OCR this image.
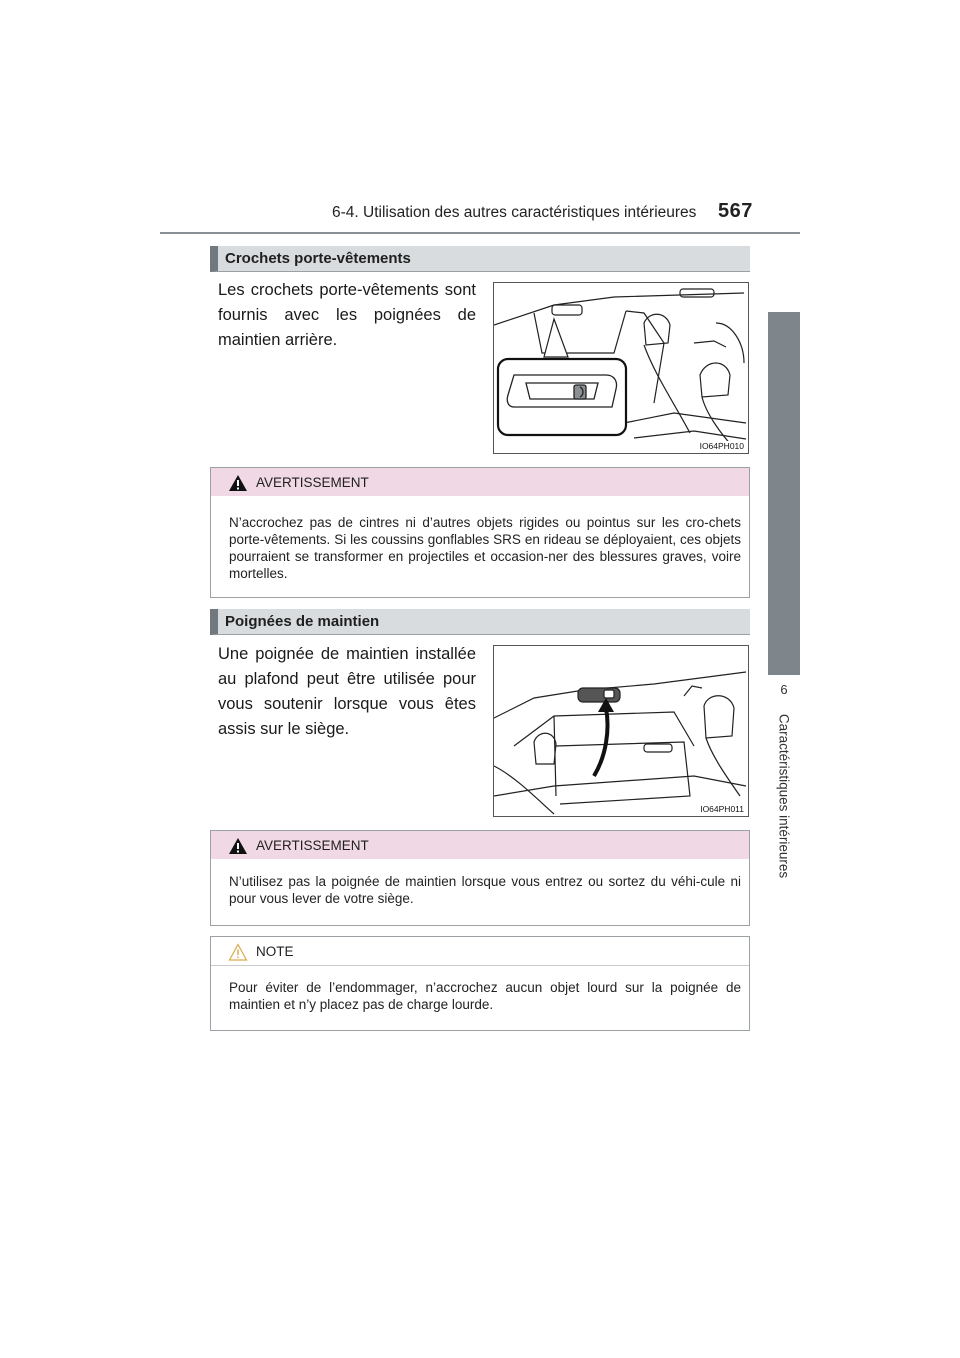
6-4. Utilisation des autres caractéristiques intérieures 567
6
Caractéristiques intérieures
Crochets porte-vêtements
Les crochets porte-vêtements sont fournis avec les poignées de maintien arrière.
IO64PH010
AVERTISSEMENT
N’accrochez pas de cintres ni d’autres objets rigides ou pointus sur les cro-chets porte-vêtements. Si les coussins gonflables SRS en rideau se déployaient, ces objets pourraient se transformer en projectiles et occasion-ner des blessures graves, voire mortelles.
Poignées de maintien
Une poignée de maintien installée au plafond peut être utilisée pour vous soutenir lorsque vous êtes assis sur le siège.
IO64PH011
AVERTISSEMENT
N’utilisez pas la poignée de maintien lorsque vous entrez ou sortez du véhi-cule ni pour vous lever de votre siège.
NOTE
Pour éviter de l’endommager, n’accrochez aucun objet lourd sur la poignée de maintien et n’y placez pas de charge lourde.
